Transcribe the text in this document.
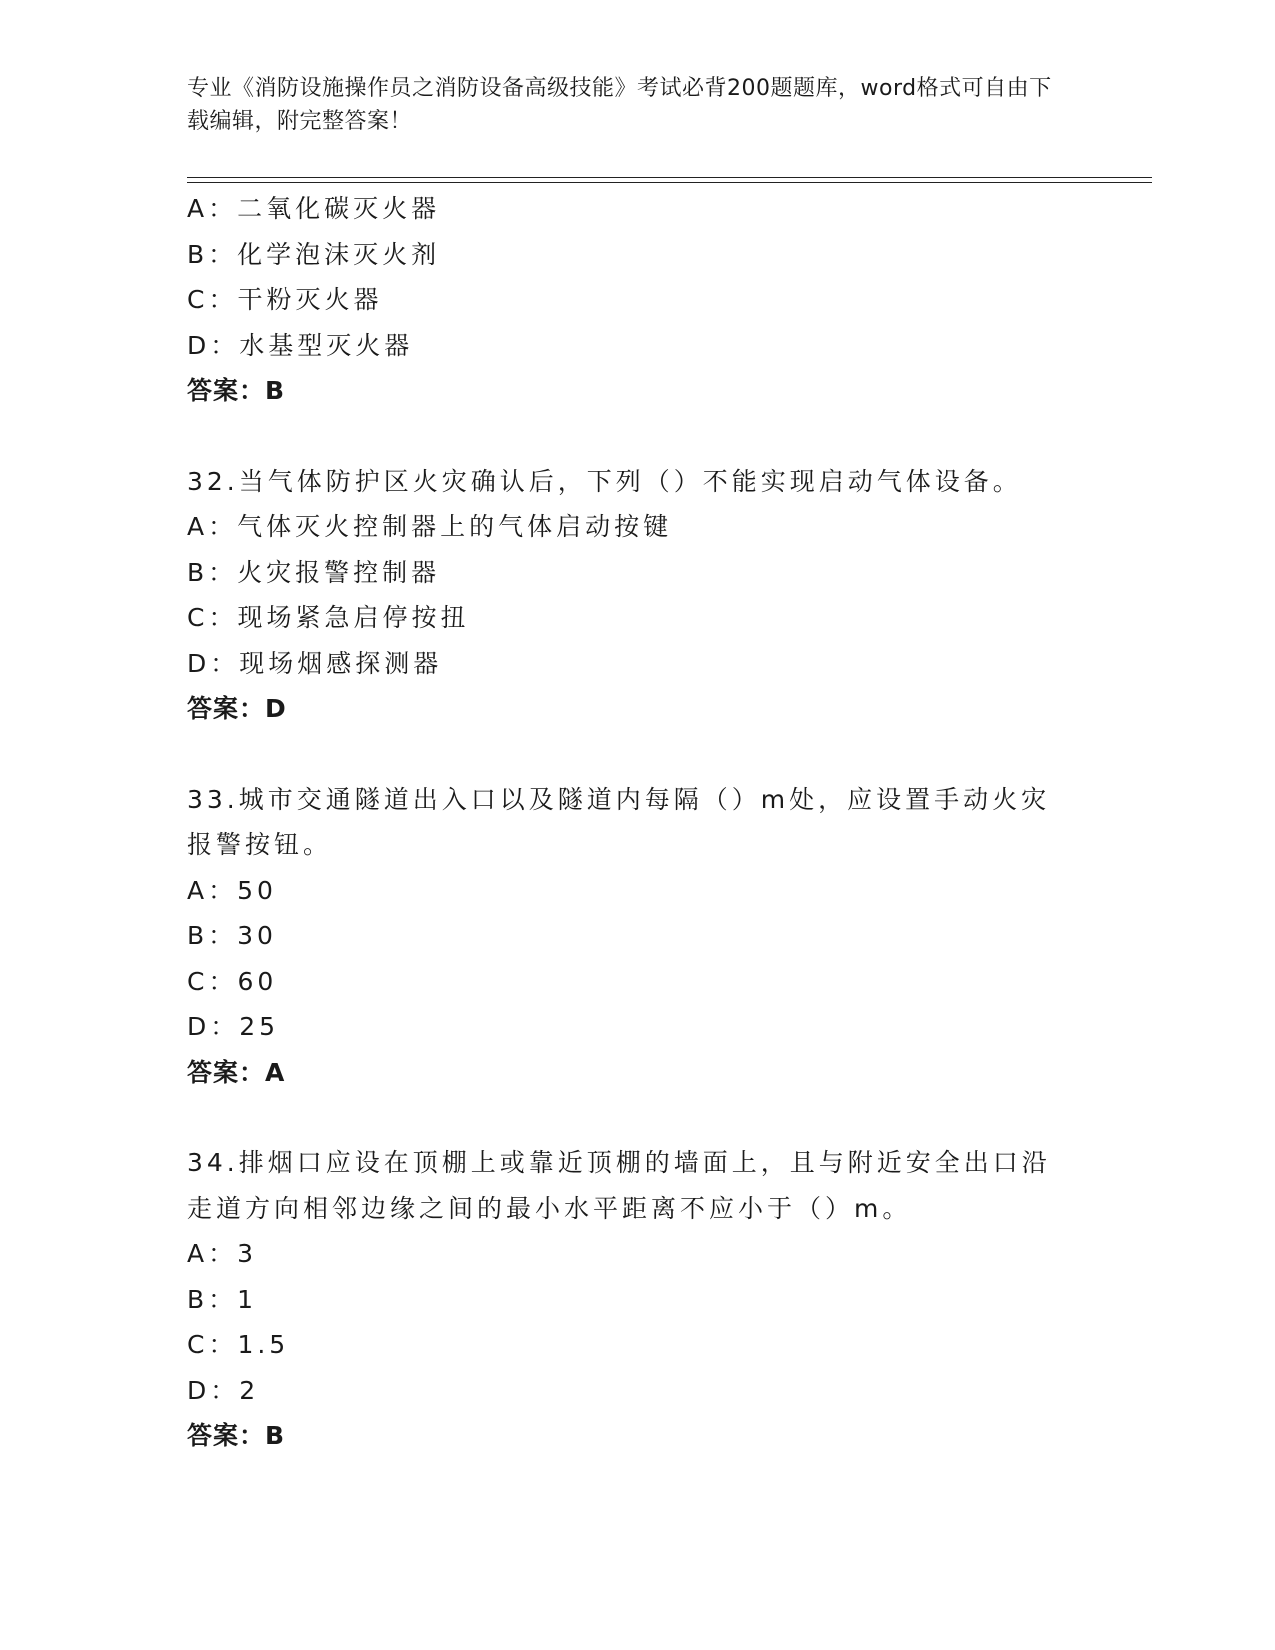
专业《消防设施操作员之消防设备高级技能》考试必背200题题库，word格式可自由下载编辑，附完整答案！
A：二氧化碳灭火器
B：化学泡沫灭火剂
C：干粉灭火器
D：水基型灭火器
答案：B
32.当气体防护区火灾确认后，下列（）不能实现启动气体设备。
A：气体灭火控制器上的气体启动按键
B：火灾报警控制器
C：现场紧急启停按扭
D：现场烟感探测器
答案：D
33.城市交通隧道出入口以及隧道内每隔（）m处，应设置手动火灾报警按钮。
A：50
B：30
C：60
D：25
答案：A
34.排烟口应设在顶棚上或靠近顶棚的墙面上，且与附近安全出口沿走道方向相邻边缘之间的最小水平距离不应小于（）m。
A：3
B：1
C：1.5
D：2
答案：B
